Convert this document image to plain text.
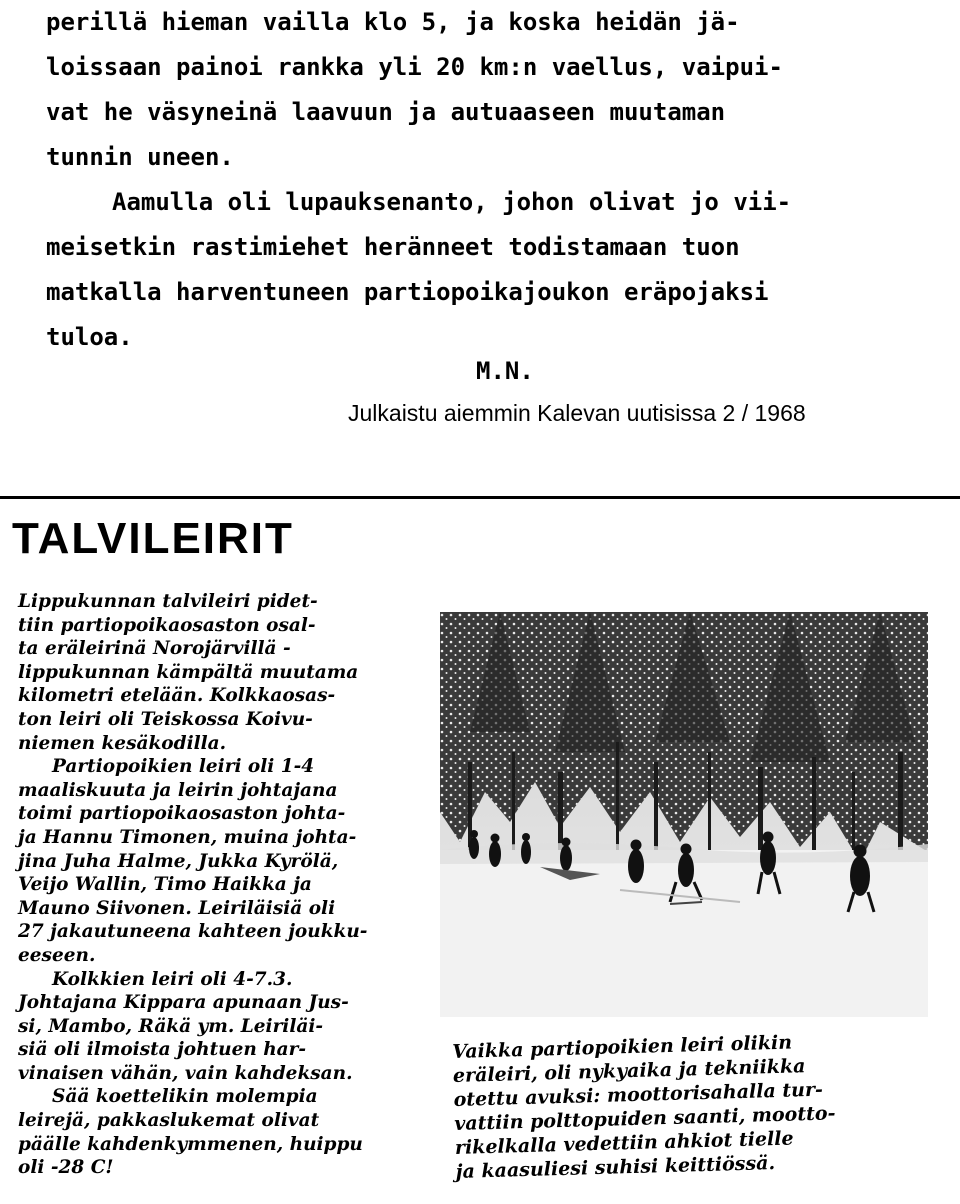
perillä hieman vailla klo 5, ja koska heidän jä-
loissaan painoi rankka yli 20 km:n vaellus, vaipui-
vat he väsyneinä laavuun ja autuaaseen muutaman
tunnin uneen.

Aamulla oli lupauksenanto, johon olivat jo vii-
meisetkin rastimiehet heränneet todistamaan tuon
matkalla harventuneen partiopoikajoukon eräpojaksi
tuloa.

M.N.
Julkaistu aiemmin Kalevan uutisissa 2 / 1968
TALVILEIRIT

Lippukunnan talvileiri pidet-
tiin partiopoikaosaston osal-
ta eräleirinä Norojärvillä -
lippukunnan kämpältä muutama
kilometri etelään. Kolkkaosas-
ton leiri oli Teiskossa Koivu-
niemen kesäkodilla.

Partiopoikien leiri oli 1-4
maaliskuuta ja leirin johtajana
toimi partiopoikaosaston johta-
ja Hannu Timonen, muina johta-
jina Juha Halme, Jukka Kyrölä,
Veijo Wallin, Timo Haikka ja
Mauno Siivonen. Leiriläisiä oli
27 jakautuneena kahteen joukku-
eeseen.

Kolkkien leiri oli 4-7.3.
Johtajana Kippara apunaan Jus-
si, Mambo, Räkä ym. Leiriläi-
siä oli ilmoista johtuen har-
vinaisen vähän, vain kahdeksan.

Sää koettelikin molempia
leirejä, pakkaslukemat olivat
päälle kahdenkymmenen, huippu
oli -28 C!

Vaikka partiopoikien leiri olikin
eräleiri, oli nykyaika ja tekniikka
otettu avuksi: moottorisahalla tur-
vattiin polttopuiden saanti, mootto-
rikelkalla vedettiin ahkiot tielle
ja kaasuliesi suhisi keittiössä.
